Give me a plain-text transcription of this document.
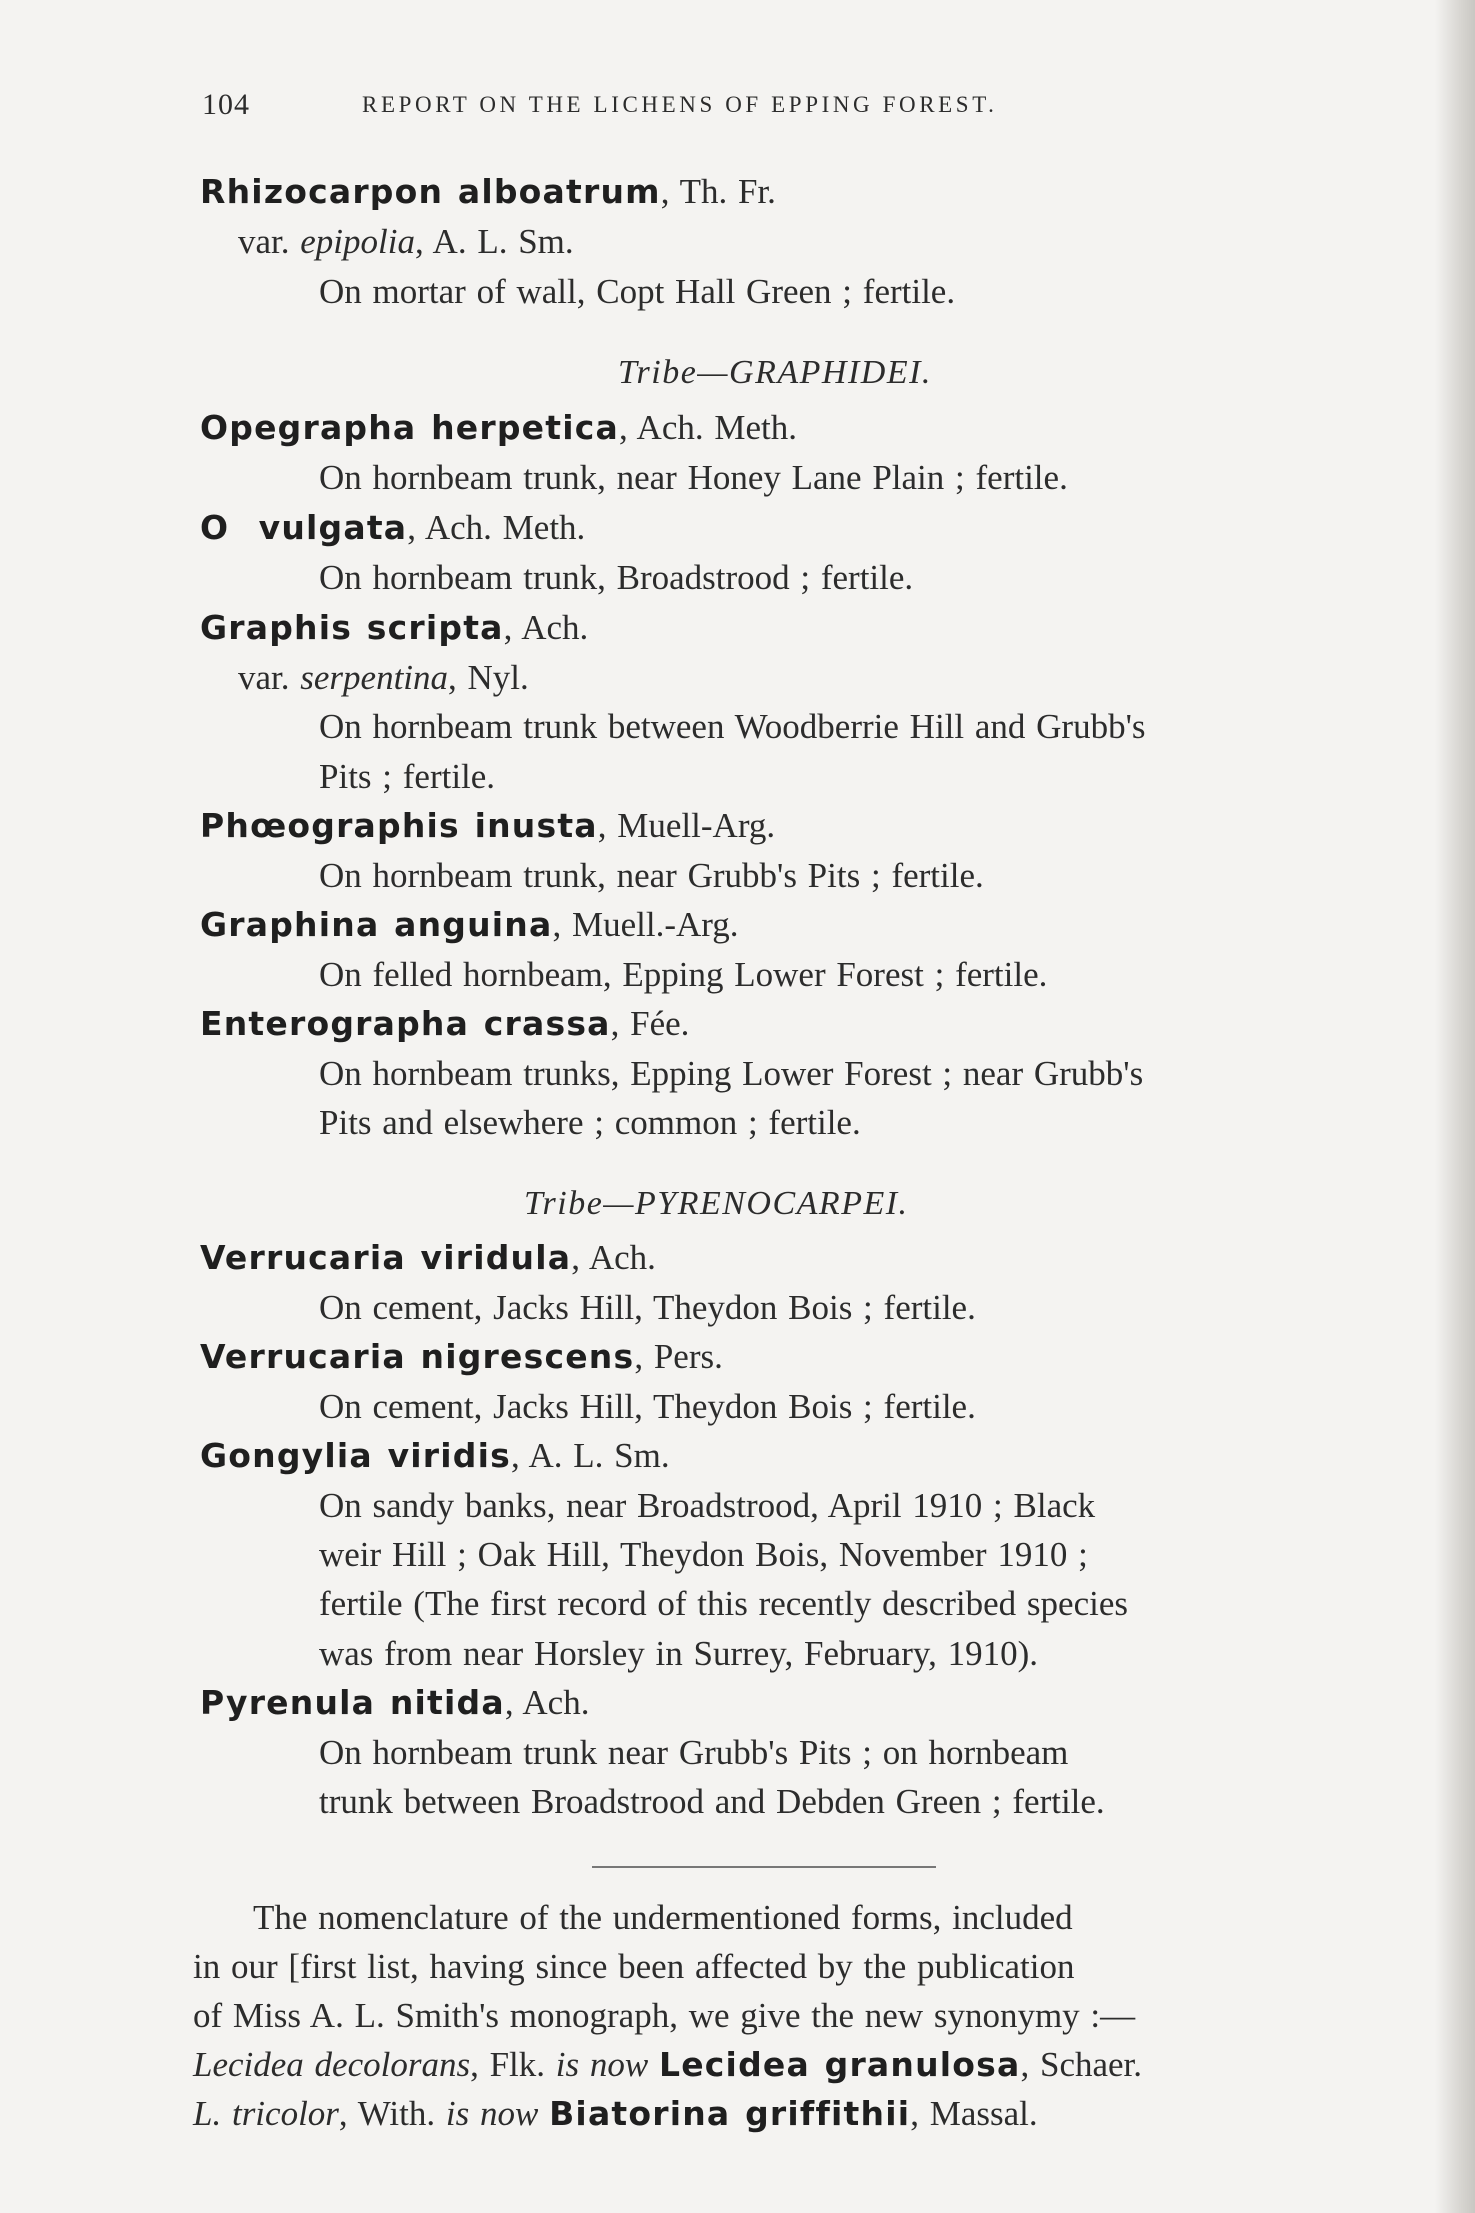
104	REPORT ON THE LICHENS OF EPPING FOREST.
Rhizocarpon alboatrum, Th. Fr.
var. epipolia, A. L. Sm.
On mortar of wall, Copt Hall Green ; fertile.
Tribe—GRAPHIDEI.
Opegrapha herpetica, Ach. Meth.
On hornbeam trunk, near Honey Lane Plain ; fertile.
O  vulgata, Ach. Meth.
On hornbeam trunk, Broadstrood ; fertile.
Graphis scripta, Ach.
var. serpentina, Nyl.
On hornbeam trunk between Woodberrie Hill and Grubb's
Pits ; fertile.
Phœographis inusta, Muell-Arg.
On hornbeam trunk, near Grubb's Pits ; fertile.
Graphina anguina, Muell.-Arg.
On felled hornbeam, Epping Lower Forest ; fertile.
Enterographa crassa, Fée.
On hornbeam trunks, Epping Lower Forest ; near Grubb's
Pits and elsewhere ; common ; fertile.
Tribe—PYRENOCARPEI.
Verrucaria viridula, Ach.
On cement, Jacks Hill, Theydon Bois ; fertile.
Verrucaria nigrescens, Pers.
On cement, Jacks Hill, Theydon Bois ; fertile.
Gongylia viridis, A. L. Sm.
On sandy banks, near Broadstrood, April 1910 ; Black
weir Hill ; Oak Hill, Theydon Bois, November 1910 ;
fertile (The first record of this recently described species
was from near Horsley in Surrey, February, 1910).
Pyrenula nitida, Ach.
On hornbeam trunk near Grubb's Pits ; on hornbeam
trunk between Broadstrood and Debden Green ; fertile.
The nomenclature of the undermentioned forms, included
in our [first list, having since been affected by the publication
of Miss A. L. Smith's monograph, we give the new synonymy :—
Lecidea decolorans, Flk. is now Lecidea granulosa, Schaer.
L. tricolor, With. is now Biatorina griffithii, Massal.
